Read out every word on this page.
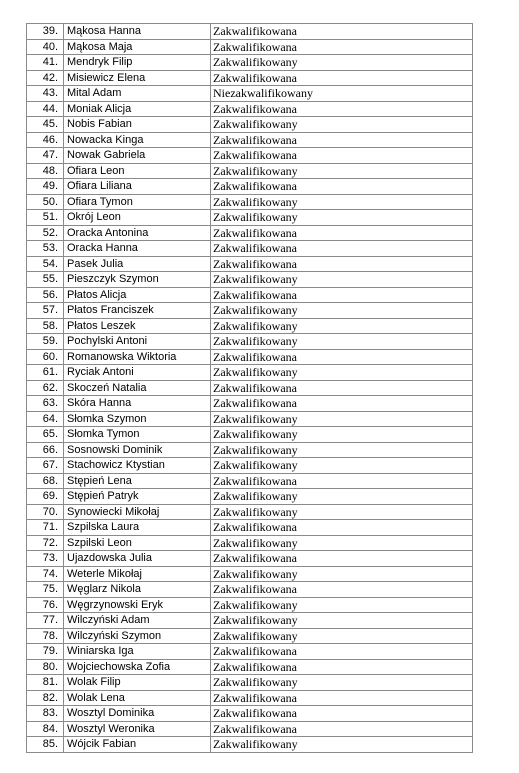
39.	Mąkosa Hanna	Zakwalifikowana
40.	Mąkosa Maja	Zakwalifikowana
41.	Mendryk Filip	Zakwalifikowany
42.	Misiewicz Elena	Zakwalifikowana
43.	Mital Adam	Niezakwalifikowany
44.	Moniak Alicja	Zakwalifikowana
45.	Nobis Fabian	Zakwalifikowany
46.	Nowacka Kinga	Zakwalifikowana
47.	Nowak Gabriela	Zakwalifikowana
48.	Ofiara Leon	Zakwalifikowany
49.	Ofiara Liliana	Zakwalifikowana
50.	Ofiara Tymon	Zakwalifikowany
51.	Okrój Leon	Zakwalifikowany
52.	Oracka Antonina	Zakwalifikowana
53.	Oracka Hanna	Zakwalifikowana
54.	Pasek Julia	Zakwalifikowana
55.	Pieszczyk Szymon	Zakwalifikowany
56.	Płatos Alicja	Zakwalifikowana
57.	Płatos Franciszek	Zakwalifikowany
58.	Płatos Leszek	Zakwalifikowany
59.	Pochylski Antoni	Zakwalifikowany
60.	Romanowska Wiktoria	Zakwalifikowana
61.	Ryciak Antoni	Zakwalifikowany
62.	Skoczeń Natalia	Zakwalifikowana
63.	Skóra Hanna	Zakwalifikowana
64.	Słomka Szymon	Zakwalifikowany
65.	Słomka Tymon	Zakwalifikowany
66.	Sosnowski Dominik	Zakwalifikowany
67.	Stachowicz Ktystian	Zakwalifikowany
68.	Stępień Lena	Zakwalifikowana
69.	Stępień Patryk	Zakwalifikowany
70.	Synowiecki Mikołaj	Zakwalifikowany
71.	Szpilska Laura	Zakwalifikowana
72.	Szpilski Leon	Zakwalifikowany
73.	Ujazdowska Julia	Zakwalifikowana
74.	Weterle Mikołaj	Zakwalifikowany
75.	Węglarz Nikola	Zakwalifikowana
76.	Węgrzynowski Eryk	Zakwalifikowany
77.	Wilczyński Adam	Zakwalifikowany
78.	Wilczyński Szymon	Zakwalifikowany
79.	Winiarska Iga	Zakwalifikowana
80.	Wojciechowska Zofia	Zakwalifikowana
81.	Wolak Filip	Zakwalifikowany
82.	Wolak Lena	Zakwalifikowana
83.	Wosztyl Dominika	Zakwalifikowana
84.	Wosztyl Weronika	Zakwalifikowana
85.	Wójcik Fabian	Zakwalifikowany
